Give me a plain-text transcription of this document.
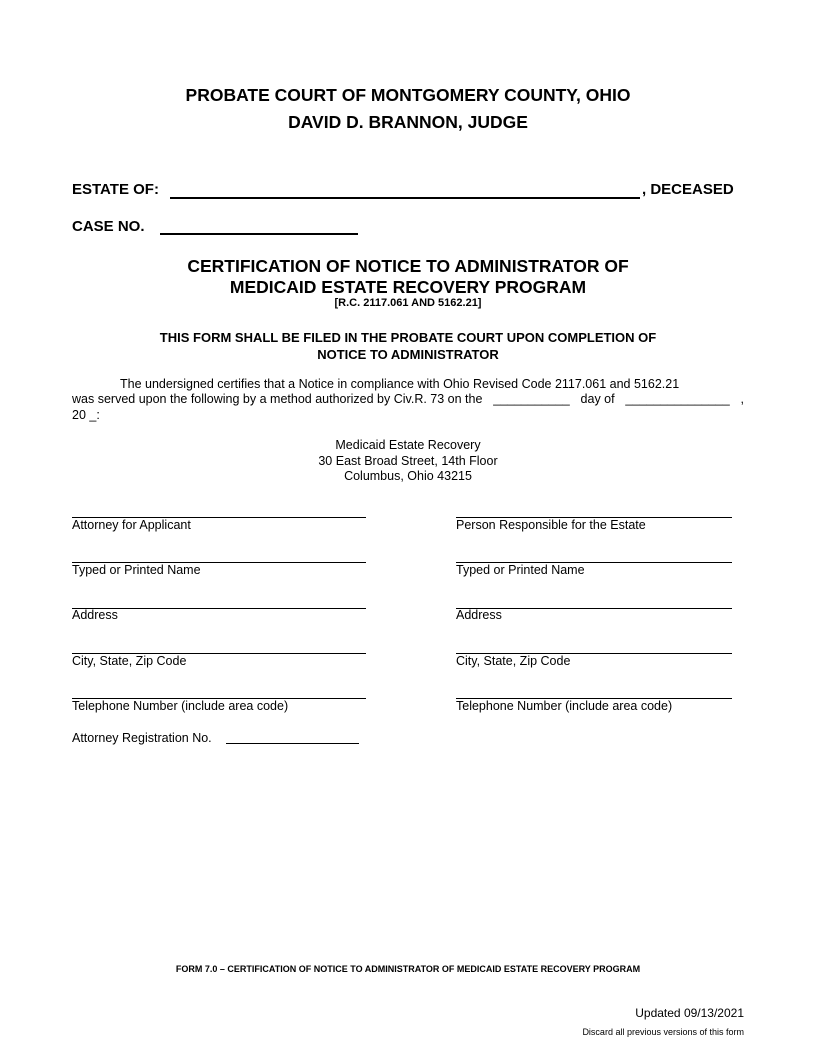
PROBATE COURT OF MONTGOMERY COUNTY, OHIO
DAVID D. BRANNON, JUDGE
ESTATE OF:	, DECEASED
CASE NO.
CERTIFICATION OF NOTICE TO ADMINISTRATOR OF
MEDICAID ESTATE RECOVERY PROGRAM
[R.C. 2117.061 AND 5162.21]
THIS FORM SHALL BE FILED IN THE PROBATE COURT UPON COMPLETION OF
NOTICE TO ADMINISTRATOR
The undersigned certifies that a Notice in compliance with Ohio Revised Code 2117.061 and 5162.21
was served upon the following by a method authorized by Civ.R. 73 on the ___________ day of _______________ ,
20 _:
Medicaid Estate Recovery
30 East Broad Street, 14th Floor
Columbus, Ohio 43215
Attorney for Applicant
Typed or Printed Name
Address
City, State, Zip Code
Telephone Number (include area code)
Attorney Registration No.
Person Responsible for the Estate
Typed or Printed Name
Address
City, State, Zip Code
Telephone Number (include area code)
FORM 7.0 – CERTIFICATION OF NOTICE TO ADMINISTRATOR OF MEDICAID ESTATE RECOVERY PROGRAM
Updated 09/13/2021
Discard all previous versions of this form
